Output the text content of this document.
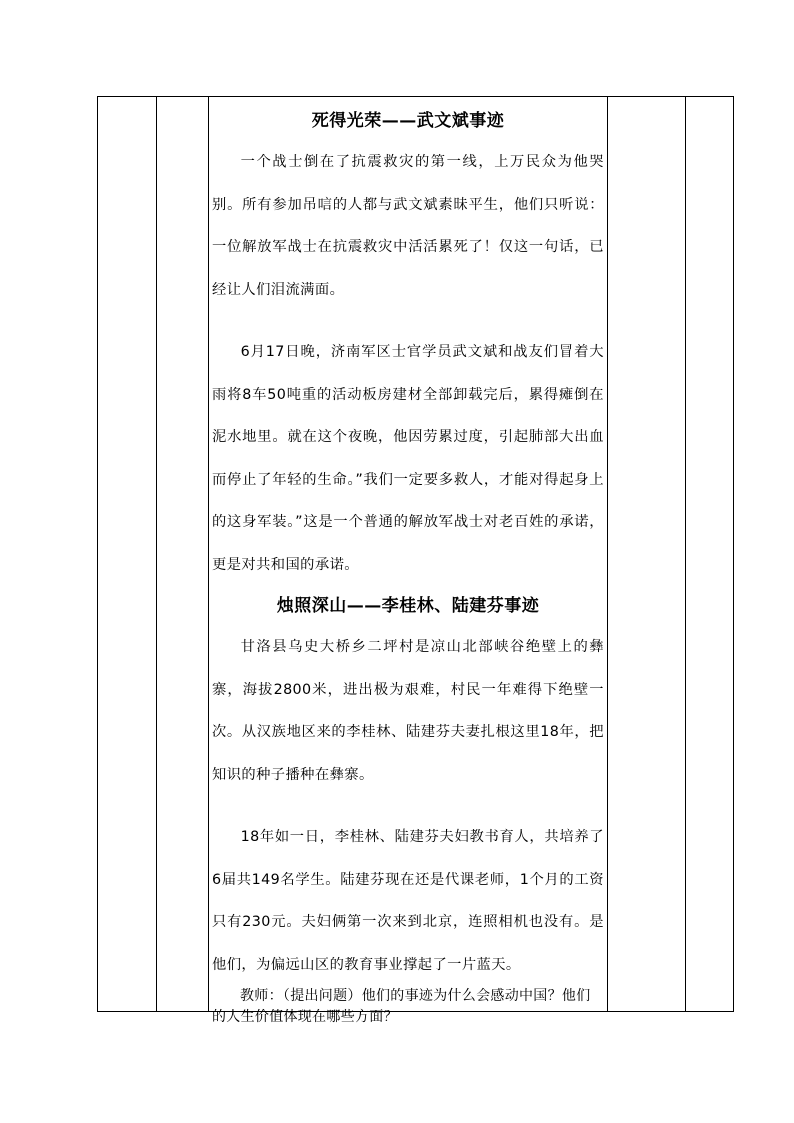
死得光荣——武文斌事迹

一个战士倒在了抗震救灾的第一线，上万民众为他哭别。所有参加吊唁的人都与武文斌素昧平生，他们只听说：一位解放军战士在抗震救灾中活活累死了！仅这一句话，已经让人们泪流满面。

6月17日晚，济南军区士官学员武文斌和战友们冒着大雨将8车50吨重的活动板房建材全部卸载完后，累得瘫倒在泥水地里。就在这个夜晚，他因劳累过度，引起肺部大出血而停止了年轻的生命。”我们一定要多救人，才能对得起身上的这身军装。”这是一个普通的解放军战士对老百姓的承诺，更是对共和国的承诺。

烛照深山——李桂林、陆建芬事迹

甘洛县乌史大桥乡二坪村是凉山北部峡谷绝壁上的彝寨，海拔2800米，进出极为艰难，村民一年难得下绝壁一次。从汉族地区来的李桂林、陆建芬夫妻扎根这里18年，把知识的种子播种在彝寨。

18年如一日，李桂林、陆建芬夫妇教书育人，共培养了6届共149名学生。陆建芬现在还是代课老师，1个月的工资只有230元。夫妇俩第一次来到北京，连照相机也没有。是他们，为偏远山区的教育事业撑起了一片蓝天。

教师：（提出问题）他们的事迹为什么会感动中国？他们的人生价值体现在哪些方面？
